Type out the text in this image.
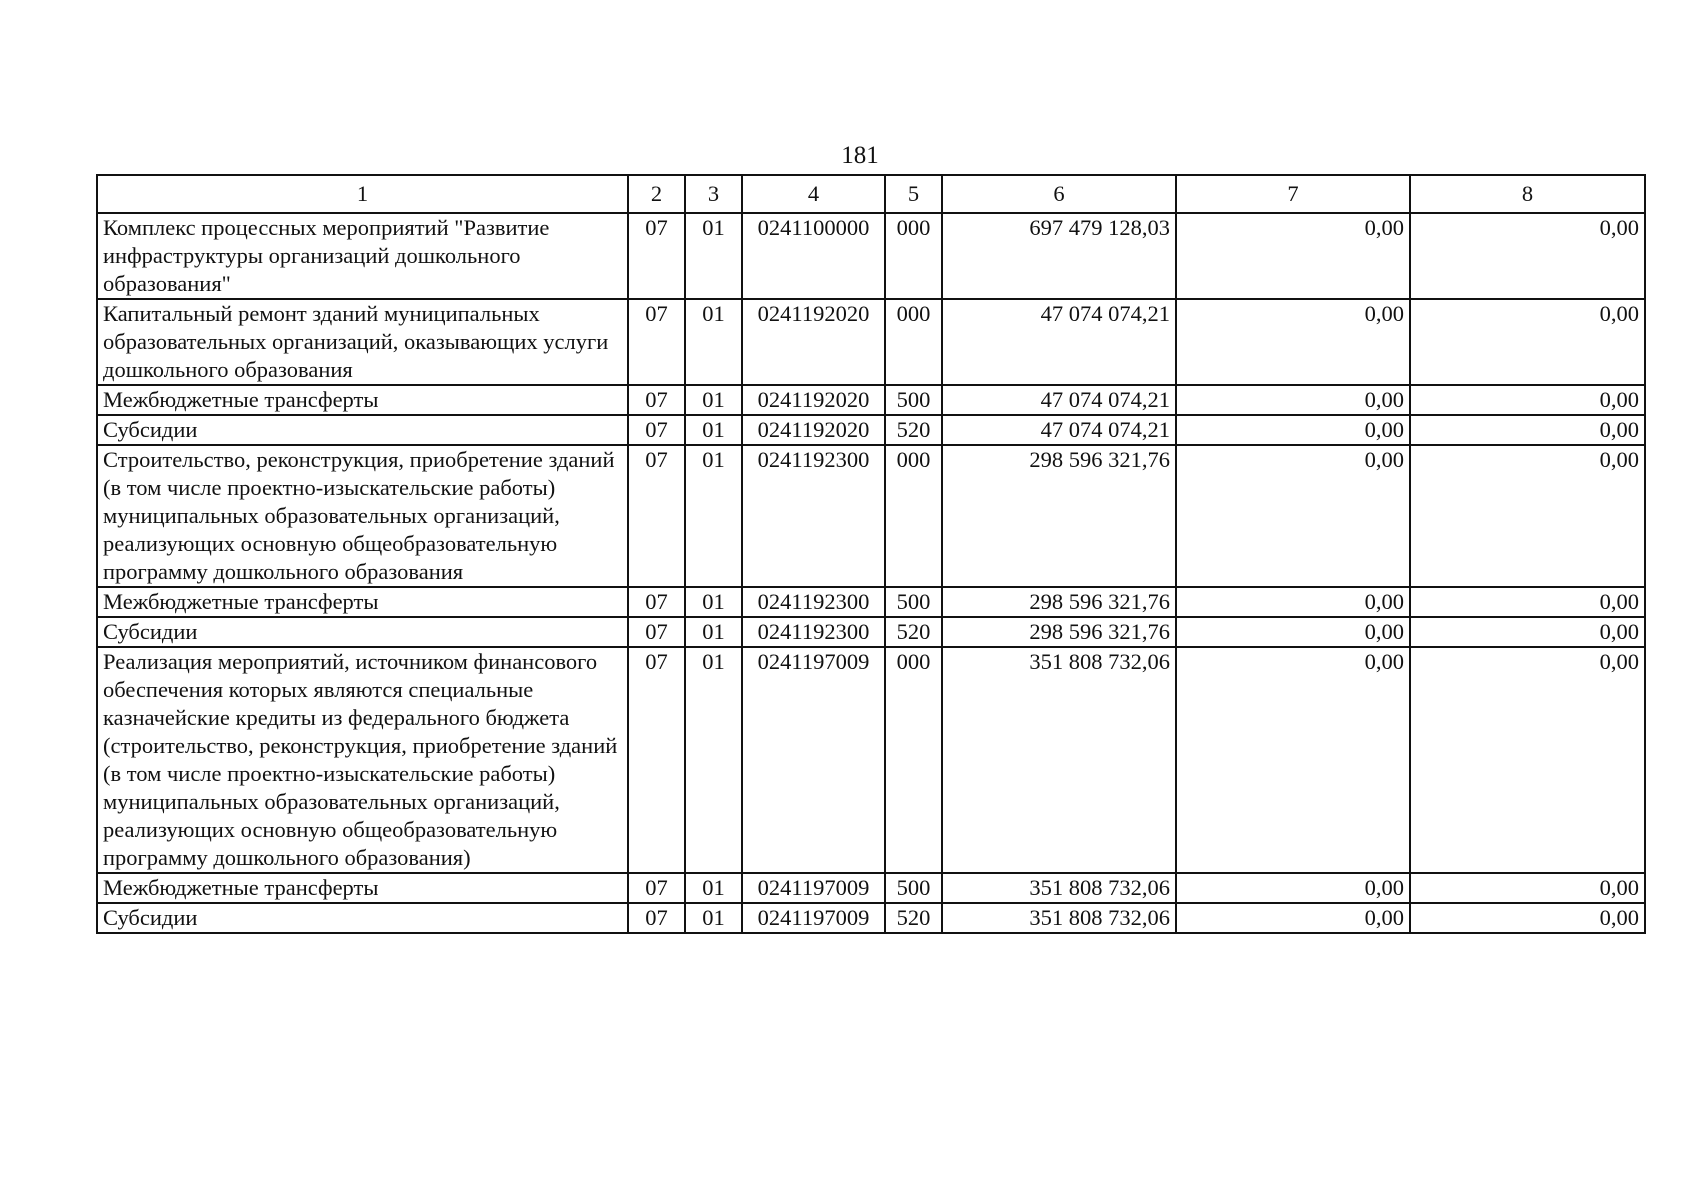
181
1	2	3	4	5	6	7	8
Комплекс процессных мероприятий "Развитие инфраструктуры организаций дошкольного образования"	07	01	0241100000	000	697 479 128,03	0,00	0,00
Капитальный ремонт зданий муниципальных образовательных организаций, оказывающих услуги дошкольного образования	07	01	0241192020	000	47 074 074,21	0,00	0,00
Межбюджетные трансферты	07	01	0241192020	500	47 074 074,21	0,00	0,00
Субсидии	07	01	0241192020	520	47 074 074,21	0,00	0,00
Строительство, реконструкция, приобретение зданий (в том числе проектно-изыскательские работы) муниципальных образовательных организаций, реализующих основную общеобразовательную программу дошкольного образования	07	01	0241192300	000	298 596 321,76	0,00	0,00
Межбюджетные трансферты	07	01	0241192300	500	298 596 321,76	0,00	0,00
Субсидии	07	01	0241192300	520	298 596 321,76	0,00	0,00
Реализация мероприятий, источником финансового обеспечения которых являются специальные казначейские кредиты из федерального бюджета (строительство, реконструкция, приобретение зданий (в том числе проектно-изыскательские работы) муниципальных образовательных организаций, реализующих основную общеобразовательную программу дошкольного образования)	07	01	0241197009	000	351 808 732,06	0,00	0,00
Межбюджетные трансферты	07	01	0241197009	500	351 808 732,06	0,00	0,00
Субсидии	07	01	0241197009	520	351 808 732,06	0,00	0,00
